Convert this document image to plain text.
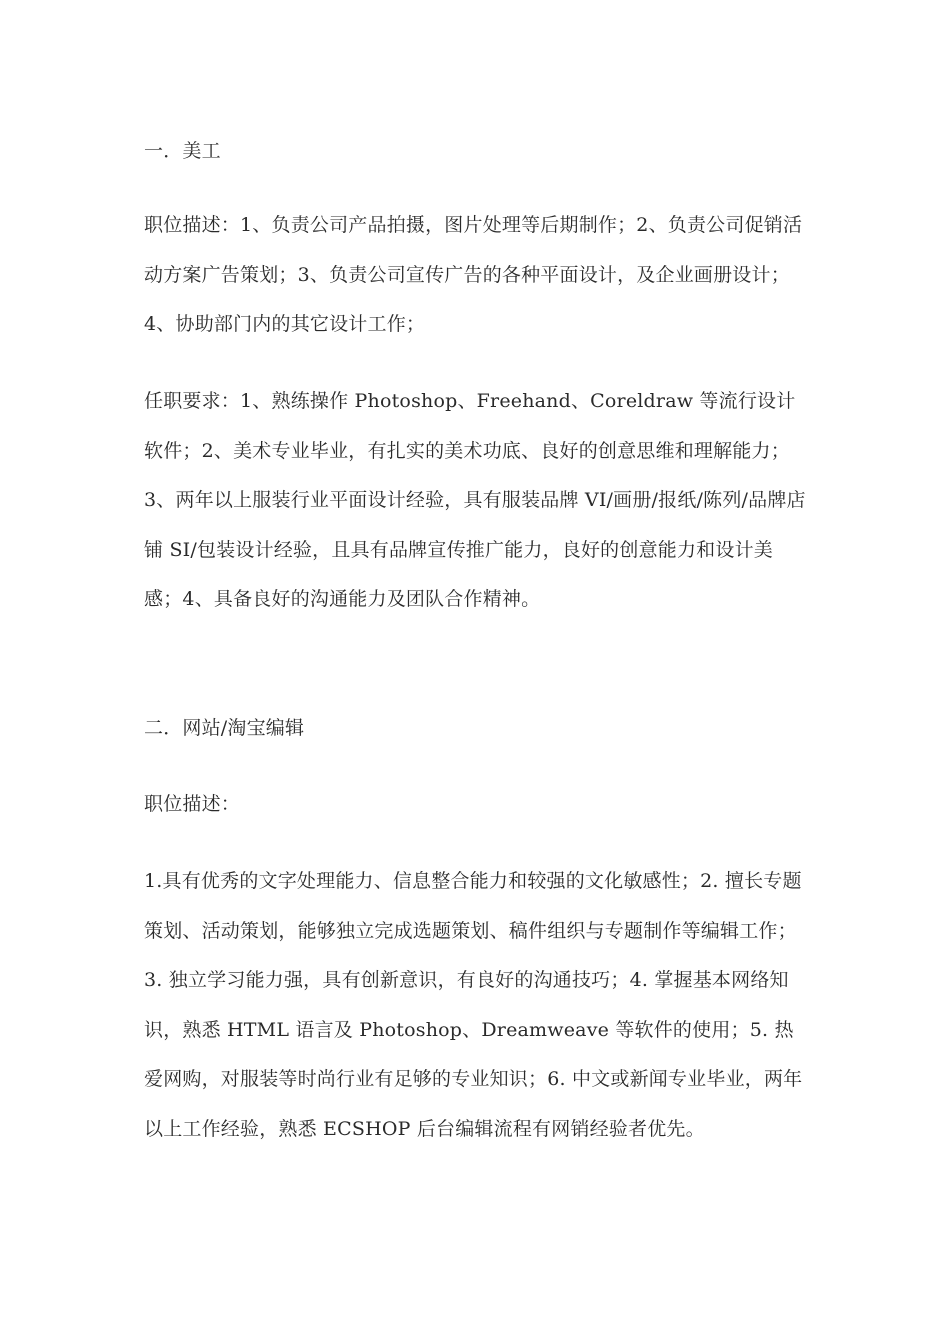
一．美工
职位描述：1、负责公司产品拍摄，图片处理等后期制作；2、负责公司促销活动方案广告策划；3、负责公司宣传广告的各种平面设计，及企业画册设计；4、协助部门内的其它设计工作；
任职要求：1、熟练操作 Photoshop、Freehand、Coreldraw 等流行设计软件；2、美术专业毕业，有扎实的美术功底、良好的创意思维和理解能力；3、两年以上服装行业平面设计经验，具有服装品牌 VI/画册/报纸/陈列/品牌店铺 SI/包装设计经验，且具有品牌宣传推广能力，良好的创意能力和设计美感；4、具备良好的沟通能力及团队合作精神。
二．网站/淘宝编辑
职位描述：
1.具有优秀的文字处理能力、信息整合能力和较强的文化敏感性；2. 擅长专题策划、活动策划，能够独立完成选题策划、稿件组织与专题制作等编辑工作；3. 独立学习能力强，具有创新意识，有良好的沟通技巧；4. 掌握基本网络知识，熟悉 HTML 语言及 Photoshop、Dreamweave 等软件的使用；5. 热爱网购，对服装等时尚行业有足够的专业知识；6. 中文或新闻专业毕业，两年以上工作经验，熟悉 ECSHOP 后台编辑流程有网销经验者优先。
